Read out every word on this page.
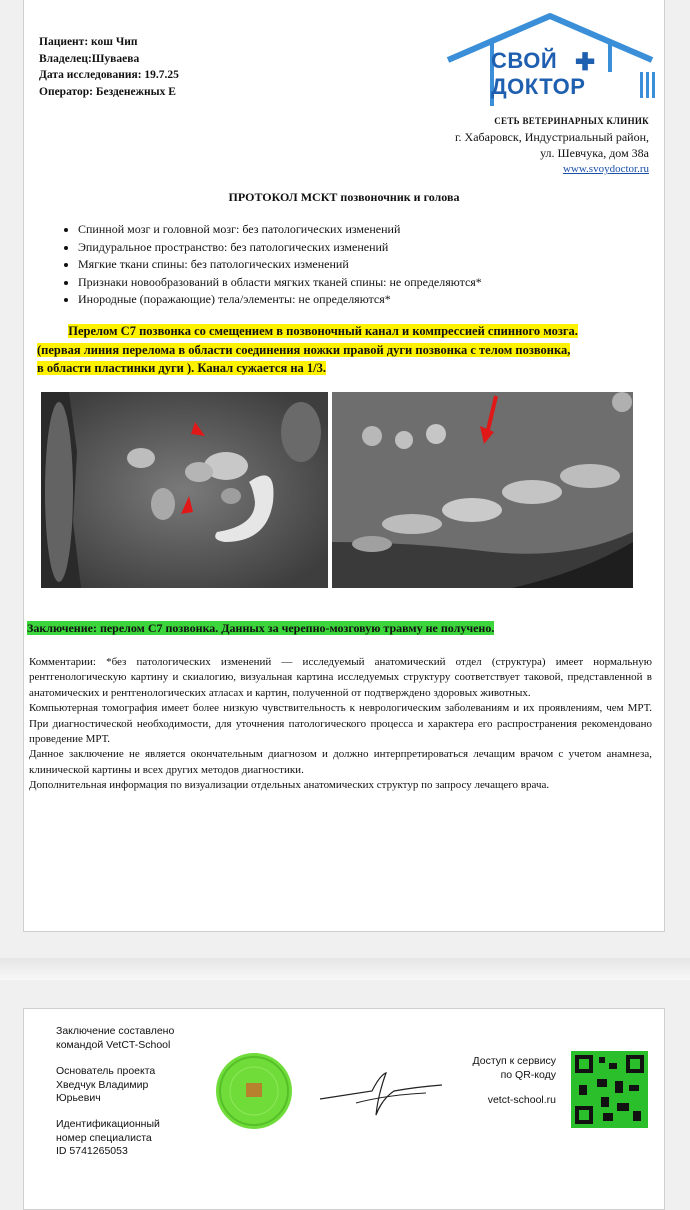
Пациент: кош Чип
Владелец:Шуваева
Дата исследования: 19.7.25
Оператор: Безденежных Е
СВОЙ ✚
ДОКТОР
СЕТЬ ВЕТЕРИНАРНЫХ КЛИНИК
г. Хабаровск, Индустриальный район,
ул. Шевчука, дом 38а
www.svoydoctor.ru
ПРОТОКОЛ МСКТ позвоночник и голова
• Спинной мозг и головной мозг: без патологических изменений
• Эпидуральное пространство: без патологических изменений
• Мягкие ткани спины: без патологических изменений
• Признаки новообразований в области мягких тканей спины: не определяются*
• Инородные (поражающие) тела/элементы: не определяются*
Перелом С7 позвонка со смещением в позвоночный канал и компрессией спинного мозга.
(первая линия перелома в области соединения ножки правой дуги позвонка с телом позвонка,
в области пластинки дуги ). Канал сужается на 1/3.
Заключение: перелом С7 позвонка. Данных за черепно-мозговую травму не получено.

Комментарии: *без патологических изменений — исследуемый анатомический отдел (структура) имеет нормальную рентгенологическую картину и скиалогию, визуальная картина исследуемых структуру соответствует таковой, представленной в анатомических и рентгенологических атласах и картин, полученной от подтверждено здоровых животных.

Компьютерная томография имеет более низкую чувствительность к неврологическим заболеваниям и их проявлениям, чем МРТ. При диагностической необходимости, для уточнения патологического процесса и характера его распространения рекомендовано проведение МРТ.

Данное заключение не является окончательным диагнозом и должно интерпретироваться лечащим врачом с учетом анамнеза, клинической картины и всех других методов диагностики.

Дополнительная информация по визуализации отдельных анатомических структур по запросу лечащего врача.

Заключение составлено
командой VetCT-School
Основатель проекта
Хведчук Владимир
Юрьевич
Идентификационный
номер специалиста
ID 5741265053
Доступ к сервису
по QR-коду
vetct-school.ru
